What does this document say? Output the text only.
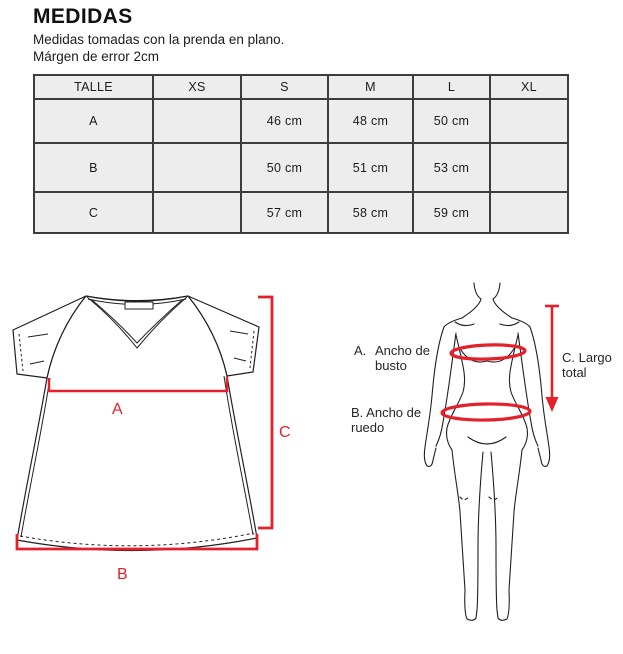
MEDIDAS
Medidas tomadas con la prenda en plano.
Márgen de error 2cm
TALLE	XS	S	M	L	XL
A		46 cm	48 cm	50 cm	
B		50 cm	51 cm	53 cm	
C		57 cm	58 cm	59 cm	
A
C
B
A. Ancho de
busto
B. Ancho de
ruedo
C. Largo
total
